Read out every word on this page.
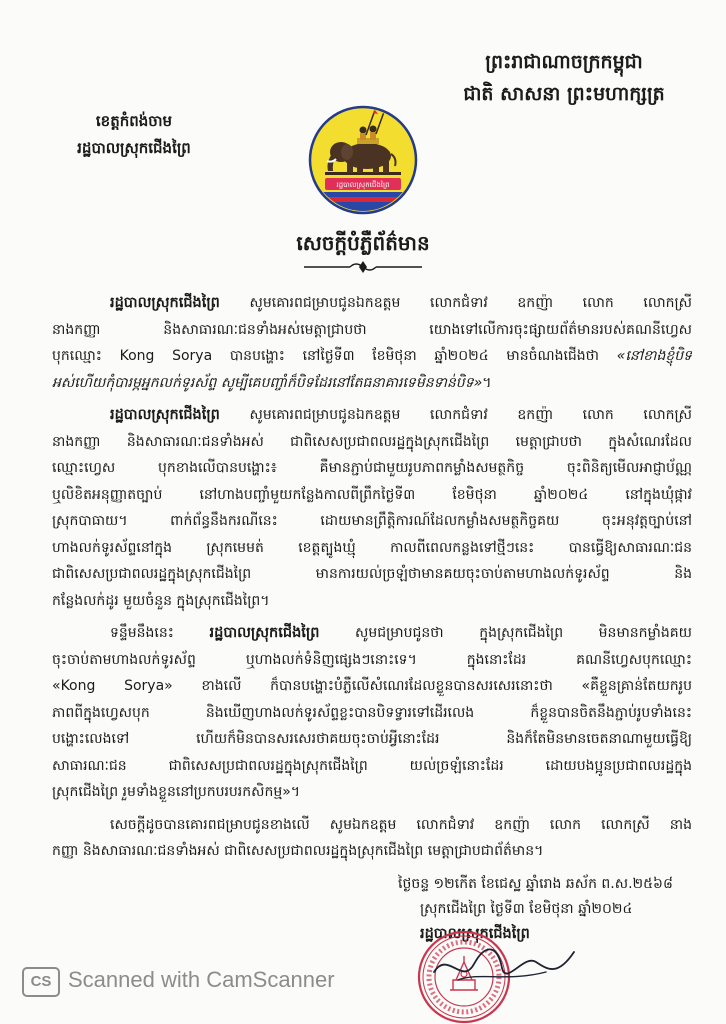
ព្រះរាជាណាចក្រកម្ពុជា
ជាតិ សាសនា ព្រះមហាក្សត្រ
ខេត្តកំពង់ចាម
រដ្ឋបាលស្រុកជើងព្រៃ
រដ្ឋបាលស្រុកជើងព្រៃ
សេចក្តីបំភ្លឺព័ត៌មាន
រដ្ឋបាលស្រុកជើងព្រៃ សូមគោរពជម្រាបជូនឯកឧត្តម លោកជំទាវ ឧកញ៉ា លោក លោកស្រី
នាងកញ្ញា និងសាធារណៈជនទាំងអស់មេត្តាជ្រាបថា យោងទៅលើការចុះផ្សាយព័ត៌មានរបស់គណនីហ្វេស
បុកឈ្មោះ Kong Sorya បានបង្ហោះ នៅថ្ងៃទី៣ ខែមិថុនា ឆ្នាំ២០២៤ មានចំណងជើងថា «នៅខាងខ្ញុំបិទ
អស់ហើយកុំបារម្ភអ្នកលក់ទូរស័ព្ទ សូម្បីគេបញ្ចាំក៏បិទដែរនៅតែធនាគារទេមិនទាន់បិទ»។
រដ្ឋបាលស្រុកជើងព្រៃ សូមគោរពជម្រាបជូនឯកឧត្តម លោកជំទាវ ឧកញ៉ា លោក លោកស្រី
នាងកញ្ញា និងសាធារណៈជនទាំងអស់ ជាពិសេសប្រជាពលរដ្ឋក្នុងស្រុកជើងព្រៃ មេត្តាជ្រាបថា ក្នុងសំណេរដែល
ឈ្មោះហ្វេស បុកខាងលើបានបង្ហោះ៖ គឺមានភ្ជាប់ជាមួយរូបភាពកម្លាំងសមត្ថកិច្ច ចុះពិនិត្យមើលអាជ្ញាប័ណ្ណ
ឬលិខិតអនុញ្ញាតច្បាប់ នៅហាងបញ្ចាំមួយកន្លែងកាលពីព្រឹកថ្ងៃទី៣ ខែមិថុនា ឆ្នាំ២០២៤ នៅក្នុងឃុំផ្កាវ
ស្រុកបាធាយ។ ពាក់ព័ន្ធនឹងករណីនេះ ដោយមានព្រឹត្តិការណ៍ដែលកម្លាំងសមត្ថកិច្ចគយ ចុះអនុវត្តច្បាប់នៅ
ហាងលក់ទូរស័ព្ទនៅក្នុង ស្រុកមេមត់ ខេត្តត្បូងឃ្មុំ កាលពីពេលកន្លងទៅថ្មីៗនេះ បានធ្វើឱ្យសាធារណៈជន
ជាពិសេសប្រជាពលរដ្ឋក្នុងស្រុកជើងព្រៃ មានការយល់ច្រឡំថាមានគយចុះចាប់តាមហាងលក់ទូរស័ព្ទ និង
កន្លែងលក់ដូរ មួយចំនួន ក្នុងស្រុកជើងព្រៃ។
ទន្ទឹមនឹងនេះ រដ្ឋបាលស្រុកជើងព្រៃ សូមជម្រាបជូនថា ក្នុងស្រុកជើងព្រៃ មិនមានកម្លាំងគយ
ចុះចាប់តាមហាងលក់ទូរស័ព្ទ ឬហាងលក់ទំនិញផ្សេងៗនោះទេ។ ក្នុងនោះដែរ គណនីហ្វេសបុកឈ្មោះ
«Kong Sorya» ខាងលើ ក៏បានបង្ហោះបំភ្លឺលើសំណេរដែលខ្លួនបានសរសេរនោះថា «គឺខ្លួនគ្រាន់តែយករូប
ភាពពីក្នុងហ្វេសបុក និងឃើញហាងលក់ទូរស័ព្ទខ្លះបានបិទទ្វារទៅដើរលេង ក៏ខ្លួនបានចិតនឹងភ្ជាប់រូបទាំងនេះ
បង្ហោះលេងទៅ ហើយក៏មិនបានសរសេរថាគយចុះចាប់អ្វីនោះដែរ និងក៏តែមិនមានចេតនាណាមួយធ្វើឱ្យ
សាធារណៈជន ជាពិសេសប្រជាពលរដ្ឋក្នុងស្រុកជើងព្រៃ យល់ច្រឡំនោះដែរ ដោយបងប្អូនប្រជាពលរដ្ឋក្នុង
ស្រុកជើងព្រៃ រួមទាំងខ្លួននៅប្រកបរបរកសិកម្ម»។
សេចក្តីដូចបានគោរពជម្រាបជូនខាងលើ សូមឯកឧត្តម លោកជំទាវ ឧកញ៉ា លោក លោកស្រី នាង
កញ្ញា និងសាធារណៈជនទាំងអស់ ជាពិសេសប្រជាពលរដ្ឋក្នុងស្រុកជើងព្រៃ មេត្តាជ្រាបជាព័ត៌មាន។
ថ្ងៃចន្ទ ១២កើត ខែជេស្ឋ ឆ្នាំរោង ឆស័ក ព.ស.២៥៦៨
ស្រុកជើងព្រៃ ថ្ងៃទី៣ ខែមិថុនា ឆ្នាំ២០២៤
រដ្ឋបាលស្រុកជើងព្រៃ
CS Scanned with CamScanner
